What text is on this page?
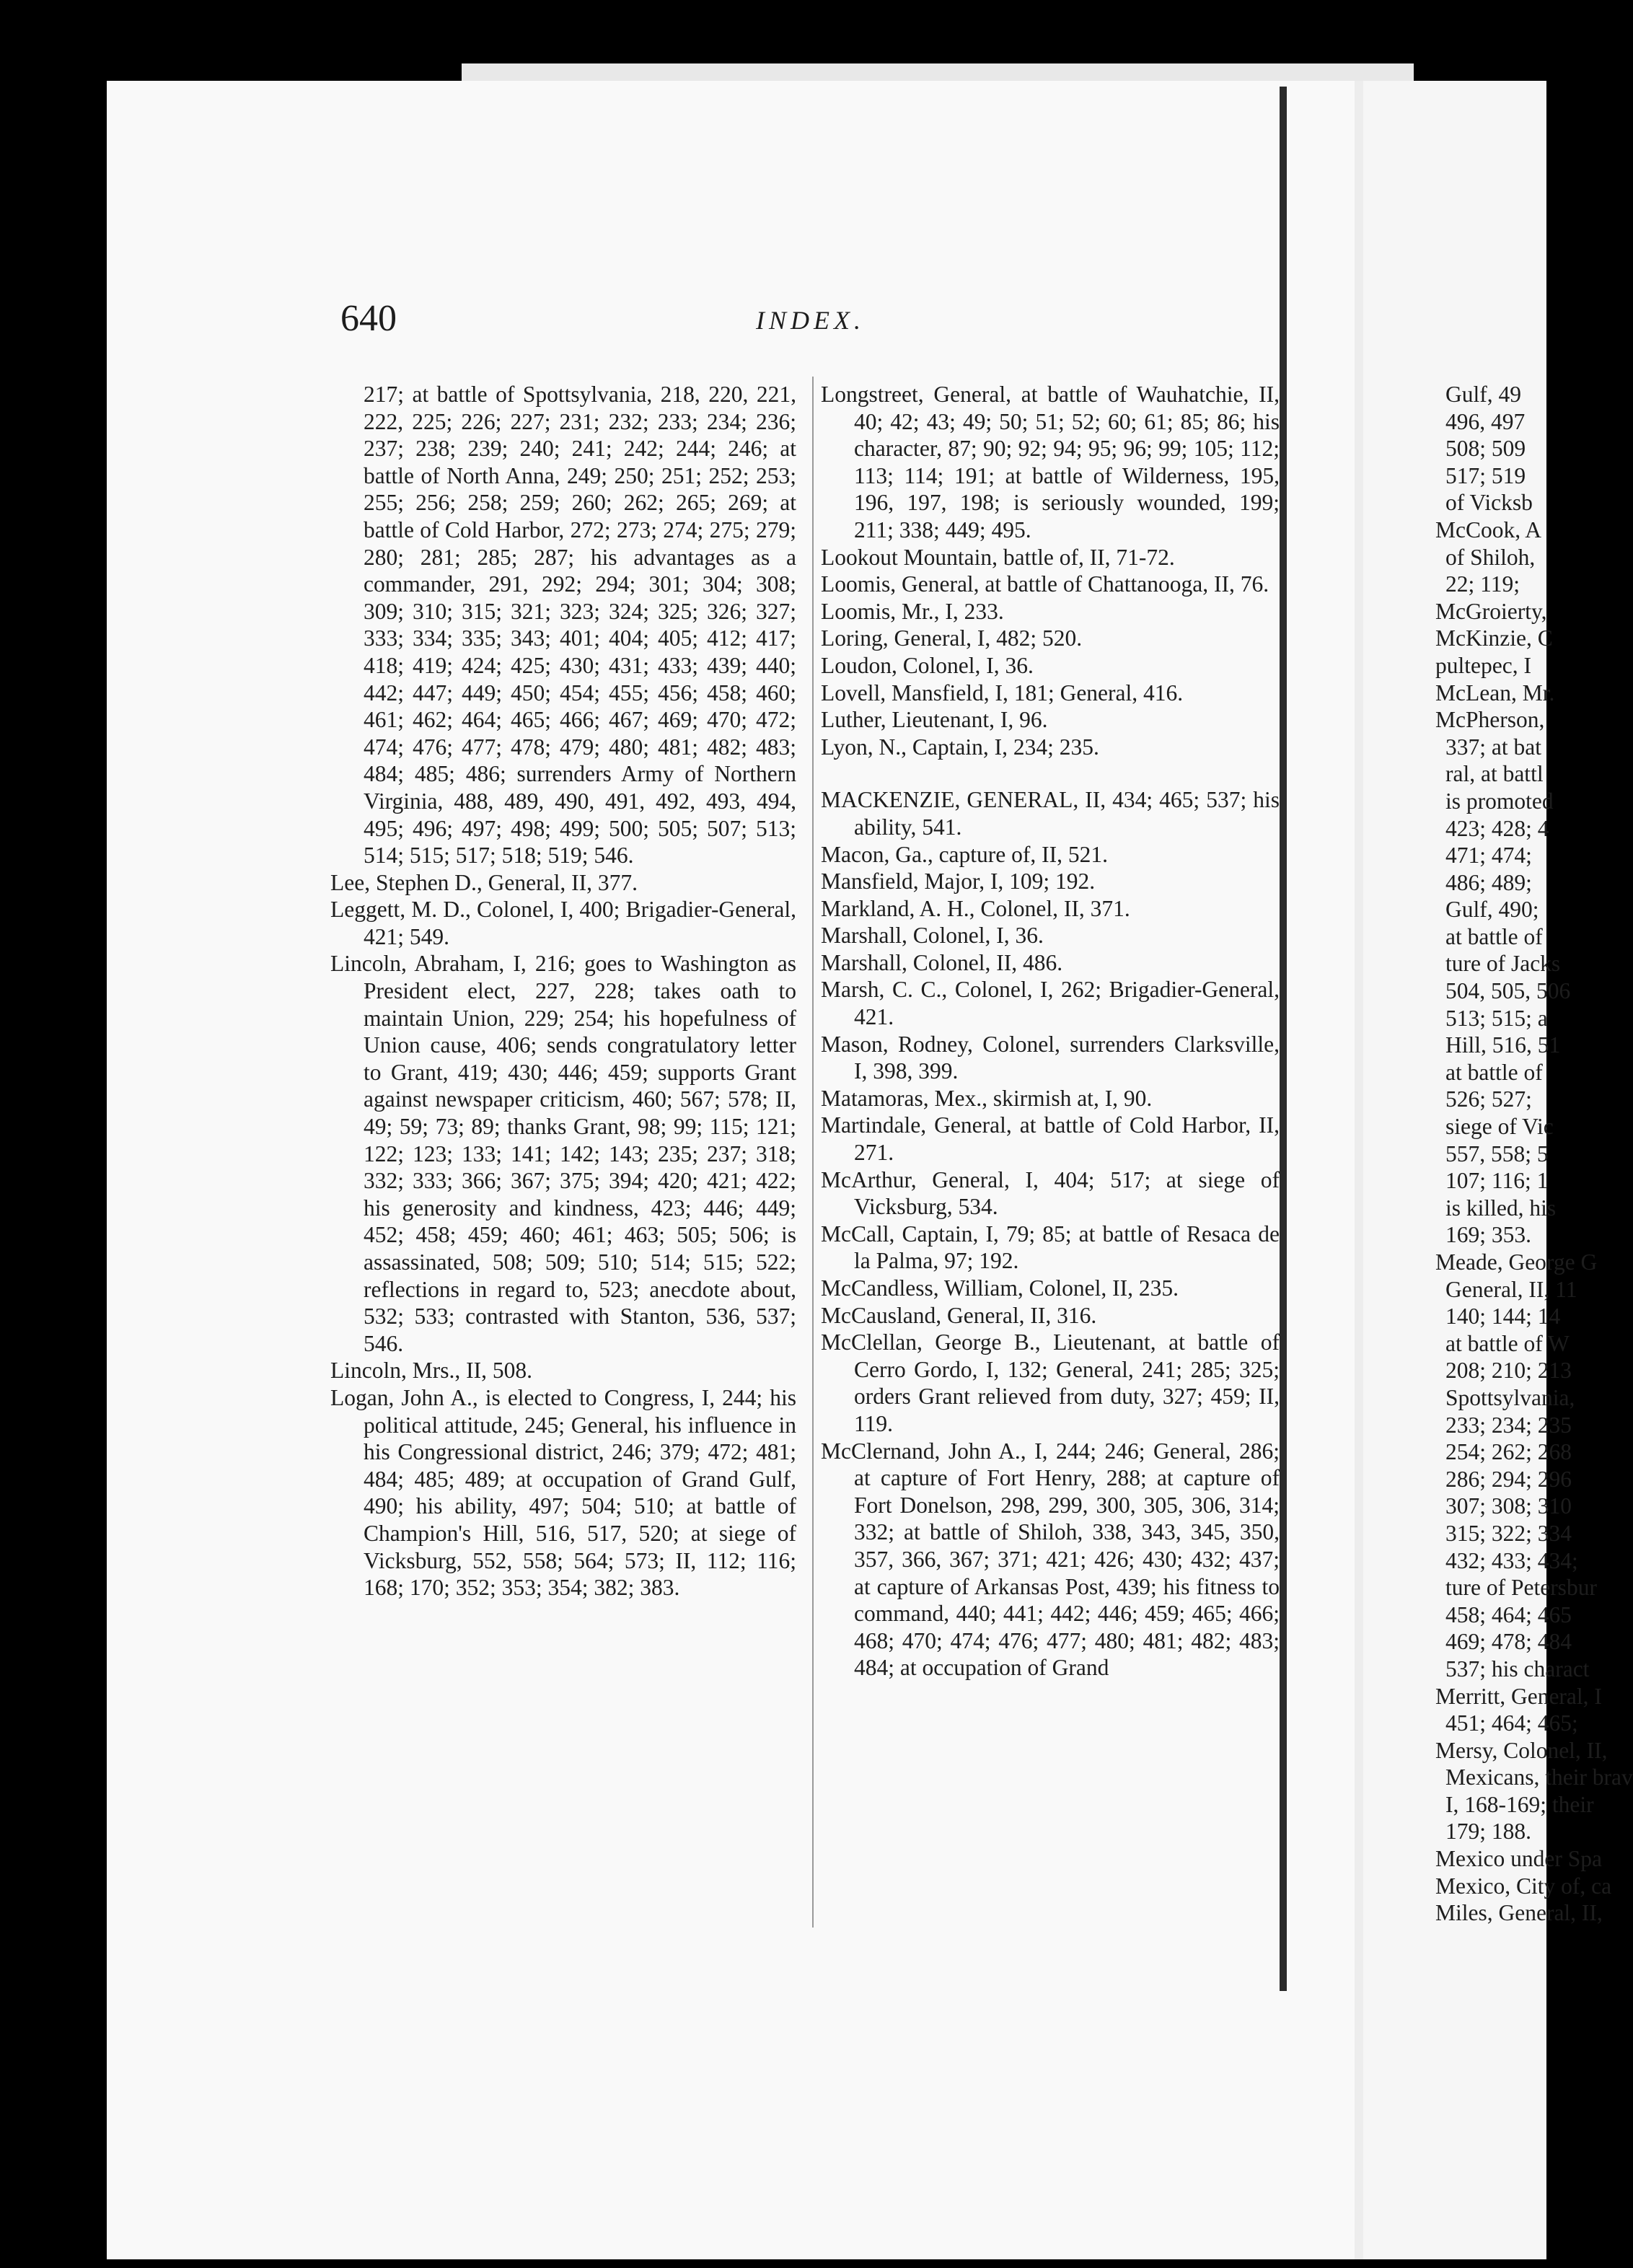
640	INDEX.

217; at battle of Spottsylvania, 218, 220, 221, 222, 225; 226; 227; 231; 232; 233; 234; 236; 237; 238; 239; 240; 241; 242; 244; 246; at battle of North Anna, 249; 250; 251; 252; 253; 255; 256; 258; 259; 260; 262; 265; 269; at battle of Cold Harbor, 272; 273; 274; 275; 279; 280; 281; 285; 287; his advantages as a commander, 291, 292; 294; 301; 304; 308; 309; 310; 315; 321; 323; 324; 325; 326; 327; 333; 334; 335; 343; 401; 404; 405; 412; 417; 418; 419; 424; 425; 430; 431; 433; 439; 440; 442; 447; 449; 450; 454; 455; 456; 458; 460; 461; 462; 464; 465; 466; 467; 469; 470; 472; 474; 476; 477; 478; 479; 480; 481; 482; 483; 484; 485; 486; surrenders Army of Northern Virginia, 488, 489, 490, 491, 492, 493, 494, 495; 496; 497; 498; 499; 500; 505; 507; 513; 514; 515; 517; 518; 519; 546.

Lee, Stephen D., General, II, 377.

Leggett, M. D., Colonel, I, 400; Brigadier-General, 421; 549.

Lincoln, Abraham, I, 216; goes to Washington as President elect, 227, 228; takes oath to maintain Union, 229; 254; his hopefulness of Union cause, 406; sends congratulatory letter to Grant, 419; 430; 446; 459; supports Grant against newspaper criticism, 460; 567; 578; II, 49; 59; 73; 89; thanks Grant, 98; 99; 115; 121; 122; 123; 133; 141; 142; 143; 235; 237; 318; 332; 333; 366; 367; 375; 394; 420; 421; 422; his generosity and kindness, 423; 446; 449; 452; 458; 459; 460; 461; 463; 505; 506; is assassinated, 508; 509; 510; 514; 515; 522; reflections in regard to, 523; anecdote about, 532; 533; contrasted with Stanton, 536, 537; 546.

Lincoln, Mrs., II, 508.

Logan, John A., is elected to Congress, I, 244; his political attitude, 245; General, his influence in his Congressional district, 246; 379; 472; 481; 484; 485; 489; at occupation of Grand Gulf, 490; his ability, 497; 504; 510; at battle of Champion's Hill, 516, 517, 520; at siege of Vicksburg, 552, 558; 564; 573; II, 112; 116; 168; 170; 352; 353; 354; 382; 383.

Longstreet, General, at battle of Wauhatchie, II, 40; 42; 43; 49; 50; 51; 52; 60; 61; 85; 86; his character, 87; 90; 92; 94; 95; 96; 99; 105; 112; 113; 114; 191; at battle of Wilderness, 195, 196, 197, 198; is seriously wounded, 199; 211; 338; 449; 495.

Lookout Mountain, battle of, II, 71-72.

Loomis, General, at battle of Chattanooga, II, 76.

Loomis, Mr., I, 233.

Loring, General, I, 482; 520.

Loudon, Colonel, I, 36.

Lovell, Mansfield, I, 181; General, 416.

Luther, Lieutenant, I, 96.

Lyon, N., Captain, I, 234; 235.

MACKENZIE, GENERAL, II, 434; 465; 537; his ability, 541.

Macon, Ga., capture of, II, 521.

Mansfield, Major, I, 109; 192.

Markland, A. H., Colonel, II, 371.

Marshall, Colonel, I, 36.

Marshall, Colonel, II, 486.

Marsh, C. C., Colonel, I, 262; Brigadier-General, 421.

Mason, Rodney, Colonel, surrenders Clarksville, I, 398, 399.

Matamoras, Mex., skirmish at, I, 90.

Martindale, General, at battle of Cold Harbor, II, 271.

McArthur, General, I, 404; 517; at siege of Vicksburg, 534.

McCall, Captain, I, 79; 85; at battle of Resaca de la Palma, 97; 192.

McCandless, William, Colonel, II, 235.

McCausland, General, II, 316.

McClellan, George B., Lieutenant, at battle of Cerro Gordo, I, 132; General, 241; 285; 325; orders Grant relieved from duty, 327; 459; II, 119.

McClernand, John A., I, 244; 246; General, 286; at capture of Fort Henry, 288; at capture of Fort Donelson, 298, 299, 300, 305, 306, 314; 332; at battle of Shiloh, 338, 343, 345, 350, 357, 366, 367; 371; 421; 426; 430; 432; 437; at capture of Arkansas Post, 439; his fitness to command, 440; 441; 442; 446; 459; 465; 466; 468; 470; 474; 476; 477; 480; 481; 482; 483; 484; at occupation of Grand

Gulf, 49

496, 497

508; 509

517; 519

of Vicksb

McCook, A

of Shiloh,

22; 119;

McGroierty,

McKinzie, C

pultepec, I

McLean, Mr.

McPherson,

337; at bat

ral, at battl

is promoted

423; 428; 4

471; 474;

486; 489;

Gulf, 490;

at battle of

ture of Jacks

504, 505, 506

513; 515; a

Hill, 516, 51

at battle of

526; 527;

siege of Vic

557, 558; 5

107; 116; 1

is killed, his

169; 353.

Meade, George G

General, II, 11

140; 144; 14

at battle of W

208; 210; 213

Spottsylvania,

233; 234; 235

254; 262; 268

286; 294; 296

307; 308; 310

315; 322; 334

432; 433; 434;

ture of Petersbur

458; 464; 465

469; 478; 484

537; his charact

Merritt, General, I

451; 464; 465;

Mersy, Colonel, II,

Mexicans, their brav

I, 168-169; their

179; 188.

Mexico under Spa

Mexico, City of, ca

Miles, General, II,
